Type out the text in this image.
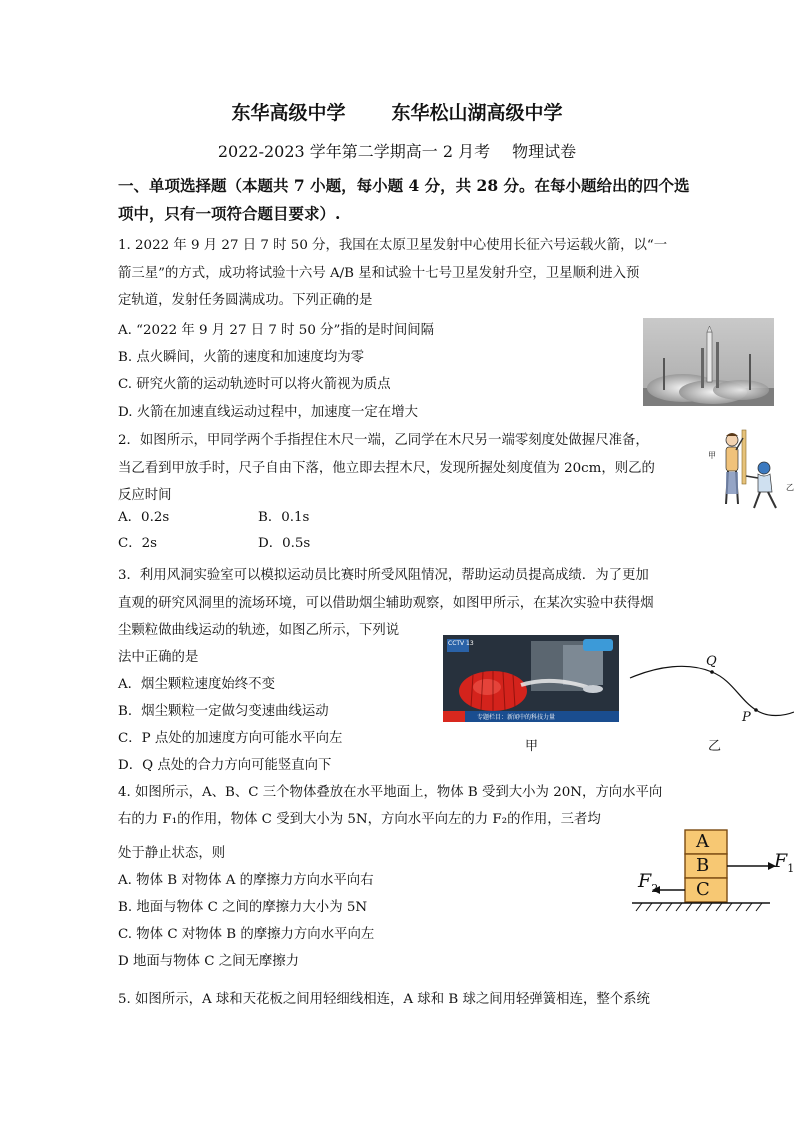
东华高级中学 东华松山湖高级中学
2022-2023 学年第二学期高一 2 月考 物理试卷
一、单项选择题（本题共 7 小题，每小题 4 分，共 28 分。在每小题给出的四个选项中，只有一项符合题目要求）.
1. 2022 年 9 月 27 日 7 时 50 分，我国在太原卫星发射中心使用长征六号运载火箭，以“一
箭三星”的方式，成功将试验十六号 A/B 星和试验十七号卫星发射升空，卫星顺利进入预
定轨道，发射任务圆满成功。下列正确的是
A. “2022 年 9 月 27 日 7 时 50 分”指的是时间间隔
B. 点火瞬间，火箭的速度和加速度均为零
C. 研究火箭的运动轨迹时可以将火箭视为质点
D. 火箭在加速直线运动过程中，加速度一定在增大
2．如图所示，甲同学两个手指捏住木尺一端，乙同学在木尺另一端零刻度处做握尺准备，
当乙看到甲放手时，尺子自由下落，他立即去捏木尺，发现所握处刻度值为 20cm，则乙的
反应时间
A．0.2s	B．0.1s
C．2s	D．0.5s
甲
乙
3．利用风洞实验室可以模拟运动员比赛时所受风阻情况，帮助运动员提高成绩．为了更加
直观的研究风洞里的流场环境，可以借助烟尘辅助观察，如图甲所示，在某次实验中获得烟
尘颗粒做曲线运动的轨迹，如图乙所示，下列说
法中正确的是
A．烟尘颗粒速度始终不变
B．烟尘颗粒一定做匀变速曲线运动
C．P 点处的加速度方向可能水平向左
D．Q 点处的合力方向可能竖直向下
CCTV 13
专题栏目：新闻中的科技力量
甲
Q
P
乙
4. 如图所示，A、B、C 三个物体叠放在水平地面上，物体 B 受到大小为 20N，方向水平向
右的力 F₁的作用，物体 C 受到大小为 5N，方向水平向左的力 F₂的作用，三者均
处于静止状态，则
A. 物体 B 对物体 A 的摩擦力方向水平向右
B. 地面与物体 C 之间的摩擦力大小为 5N
C. 物体 C 对物体 B 的摩擦力方向水平向左
D 地面与物体 C 之间无摩擦力
A
B
C
$F_1$
$F_2$
5. 如图所示，A 球和天花板之间用轻细线相连，A 球和 B 球之间用轻弹簧相连，整个系统
